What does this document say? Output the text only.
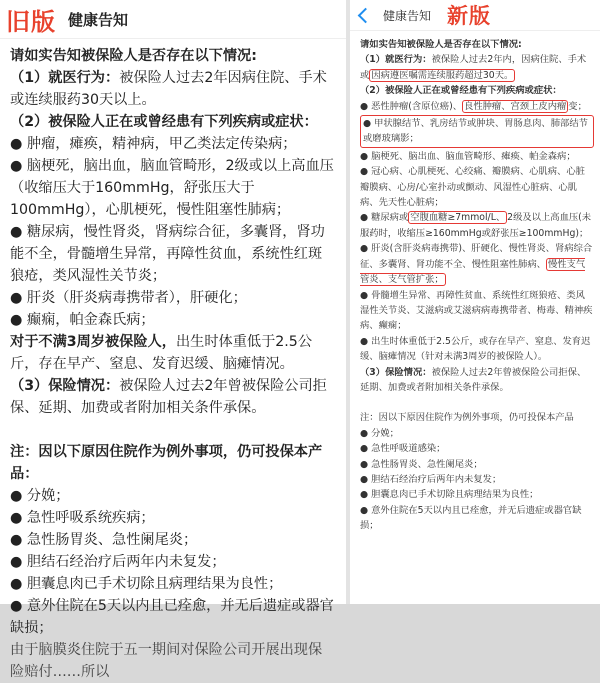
旧版 健康告知

请如实告知被保险人是否存在以下情况:

（1）就医行为：被保险人过去2年因病住院、手术或连续服药30天以上。

（2）被保险人正在或曾经患有下列疾病或症状：

● 肿瘤，瘫痪，精神病，甲乙类法定传染病；

● 脑梗死，脑出血，脑血管畸形，2级或以上高血压（收缩压大于160mmHg，舒张压大于100mmHg），心肌梗死，慢性阻塞性肺病；

● 糖尿病，慢性肾炎，肾病综合征，多囊肾，肾功能不全，骨髓增生异常，再障性贫血，系统性红斑狼疮，类风湿性关节炎；

● 肝炎（肝炎病毒携带者），肝硬化；

● 癫痫，帕金森氏病；

对于不满3周岁被保险人，出生时体重低于2.5公斤，存在早产、窒息、发育迟缓、脑瘫情况。

（3）保险情况：被保险人过去2年曾被保险公司拒保、延期、加费或者附加相关条件承保。

注：因以下原因住院作为例外事项，仍可投保本产品：

● 分娩；

● 急性呼吸系统疾病；

● 急性肠胃炎、急性阑尾炎；

● 胆结石经治疗后两年内未复发；

● 胆囊息肉已手术切除且病理结果为良性；

● 意外住院在5天以内且已痊愈，并无后遗症或器官缺损；

由于脑膜炎住院于五一期间对保险公司开展出现保险赔付……所以

健康告知 新版

请如实告知被保险人是否存在以下情况:

（1）就医行为：被保险人过去2年内，因病住院、手术或 因病遵医嘱需连续服药超过30天。

（2）被保险人正在或曾经患有下列疾病或症状：

● 恶性肿瘤(含原位癌)、 良性肿瘤、宫颈上皮内瘤 变；

● 甲状腺结节、乳房结节或肿块、胃肠息肉、肺部结节或磨玻璃影；

● 脑梗死、脑出血、脑血管畸形、瘫痪、帕金森病；

● 冠心病、心肌梗死、心绞痛、瓣膜病、心肌病、心脏瓣膜病、心房/心室扑动或颤动、风湿性心脏病、心肌病、先天性心脏病；

● 糖尿病或 空腹血糖≥7mmol/L、 2级及以上高血压(未服药时，收缩压≥160mmHg或舒张压≥100mmHg)；

● 肝炎(含肝炎病毒携带)、肝硬化、慢性肾炎、肾病综合征、多囊肾、肾功能不全、慢性阻塞性肺病、 慢性支气管炎、支气管扩张；

● 骨髓增生异常、再障性贫血、系统性红斑狼疮、类风湿性关节炎、艾滋病或艾滋病病毒携带者、梅毒、精神疾病、癫痫；

● 出生时体重低于2.5公斤，或存在早产、窒息、发育迟缓、脑瘫情况（针对未满3周岁的被保险人）。

（3）保险情况：被保险人过去2年曾被保险公司拒保、延期、加费或者附加相关条件承保。

注：因以下原因住院作为例外事项，仍可投保本产品

● 分娩；

● 急性呼吸道感染；

● 急性肠胃炎、急性阑尾炎；

● 胆结石经治疗后两年内未复发；

● 胆囊息肉已手术切除且病理结果为良性；

● 意外住院在5天以内且已痊愈，并无后遗症或器官缺损；
